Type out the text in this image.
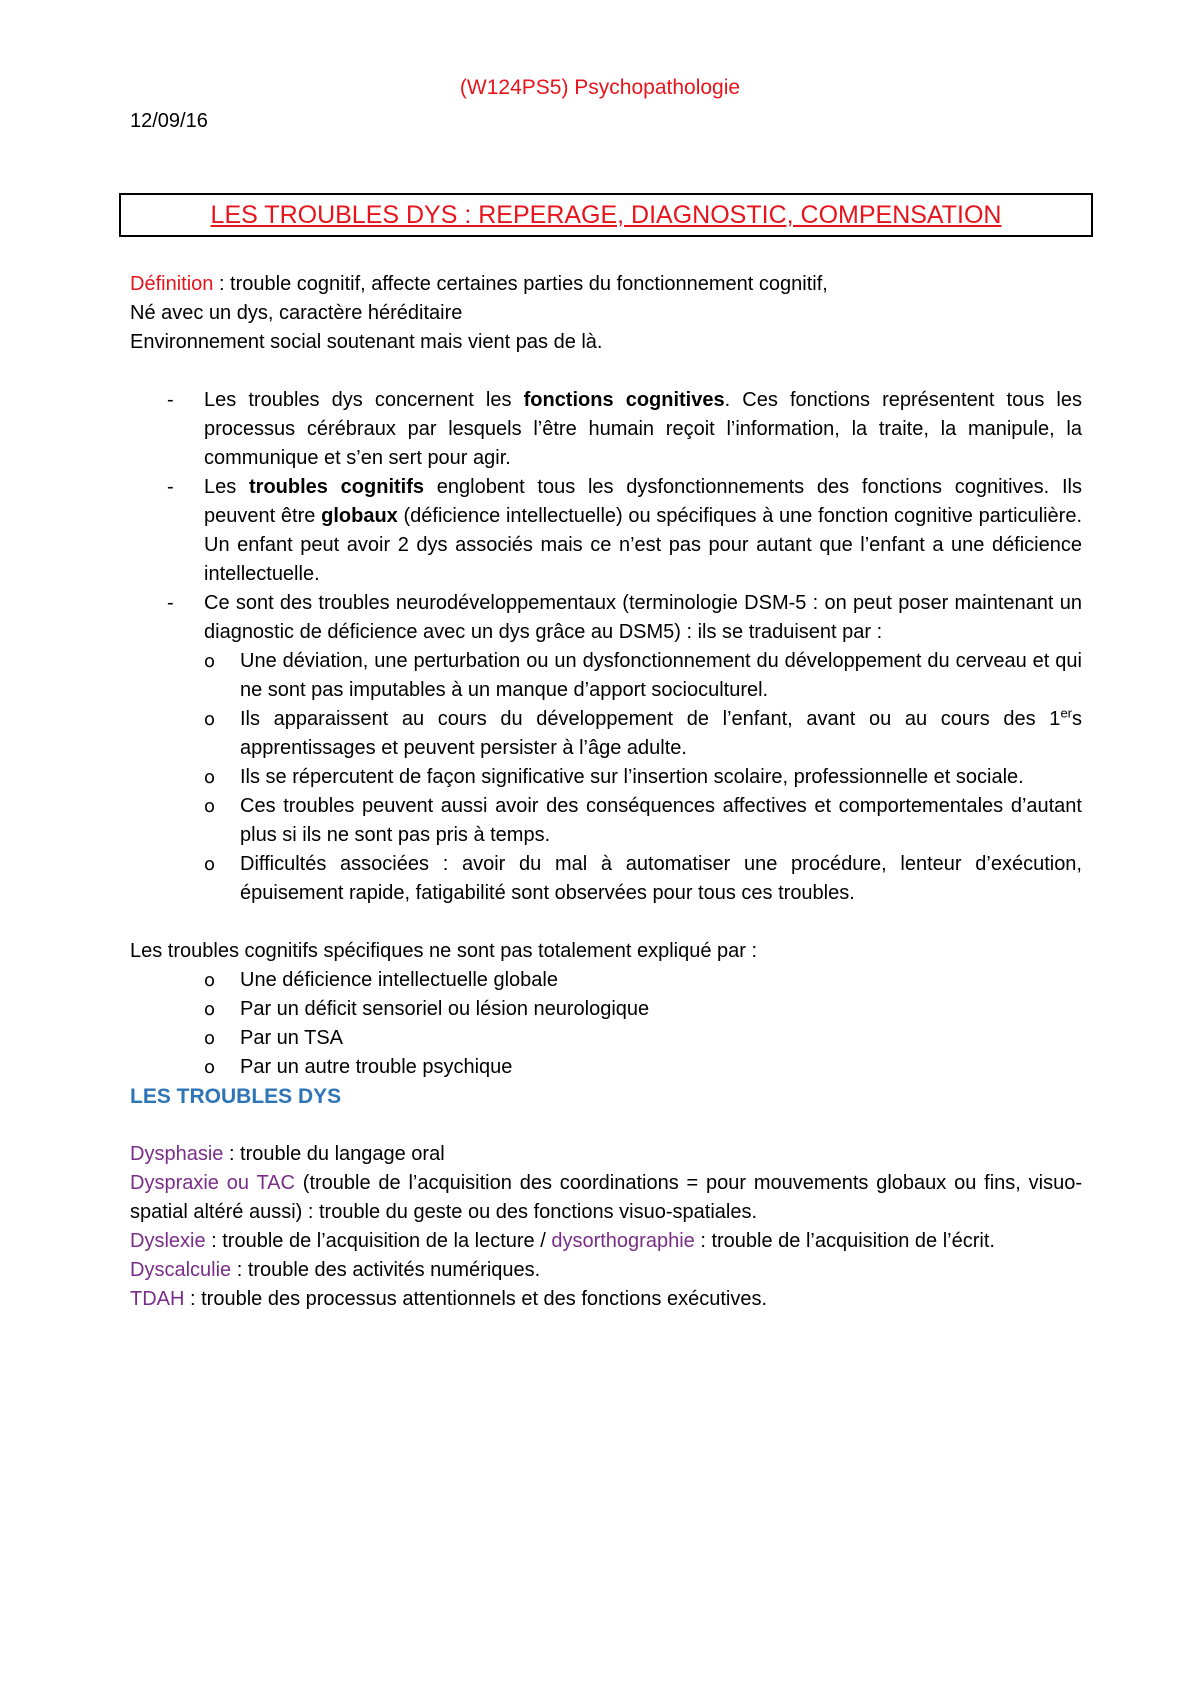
(W124PS5) Psychopathologie
12/09/16
LES TROUBLES DYS : REPERAGE, DIAGNOSTIC, COMPENSATION

Définition : trouble cognitif, affecte certaines parties du fonctionnement cognitif,

Né avec un dys, caractère héréditaire

Environnement social soutenant mais vient pas de là.

- Les troubles dys concernent les fonctions cognitives. Ces fonctions représentent tous les processus cérébraux par lesquels l’être humain reçoit l’information, la traite, la manipule, la communique et s’en sert pour agir.
- Les troubles cognitifs englobent tous les dysfonctionnements des fonctions cognitives. Ils peuvent être globaux (déficience intellectuelle) ou spécifiques à une fonction cognitive particulière. Un enfant peut avoir 2 dys associés mais ce n’est pas pour autant que l’enfant a une déficience intellectuelle.
- Ce sont des troubles neurodéveloppementaux (terminologie DSM-5 : on peut poser maintenant un diagnostic de déficience avec un dys grâce au DSM5) : ils se traduisent par :
o Une déviation, une perturbation ou un dysfonctionnement du développement du cerveau et qui ne sont pas imputables à un manque d’apport socioculturel.
o Ils apparaissent au cours du développement de l’enfant, avant ou au cours des 1ers apprentissages et peuvent persister à l’âge adulte.
o Ils se répercutent de façon significative sur l’insertion scolaire, professionnelle et sociale.
o Ces troubles peuvent aussi avoir des conséquences affectives et comportementales d’autant plus si ils ne sont pas pris à temps.
o Difficultés associées : avoir du mal à automatiser une procédure, lenteur d’exécution, épuisement rapide, fatigabilité sont observées pour tous ces troubles.

Les troubles cognitifs spécifiques ne sont pas totalement expliqué par :

o Une déficience intellectuelle globale
o Par un déficit sensoriel ou lésion neurologique
o Par un TSA
o Par un autre trouble psychique

LES TROUBLES DYS

Dysphasie : trouble du langage oral

Dyspraxie ou TAC (trouble de l’acquisition des coordinations = pour mouvements globaux ou fins, visuo-spatial altéré aussi) : trouble du geste ou des fonctions visuo-spatiales.

Dyslexie : trouble de l’acquisition de la lecture / dysorthographie : trouble de l’acquisition de l’écrit.

Dyscalculie : trouble des activités numériques.

TDAH : trouble des processus attentionnels et des fonctions exécutives.
